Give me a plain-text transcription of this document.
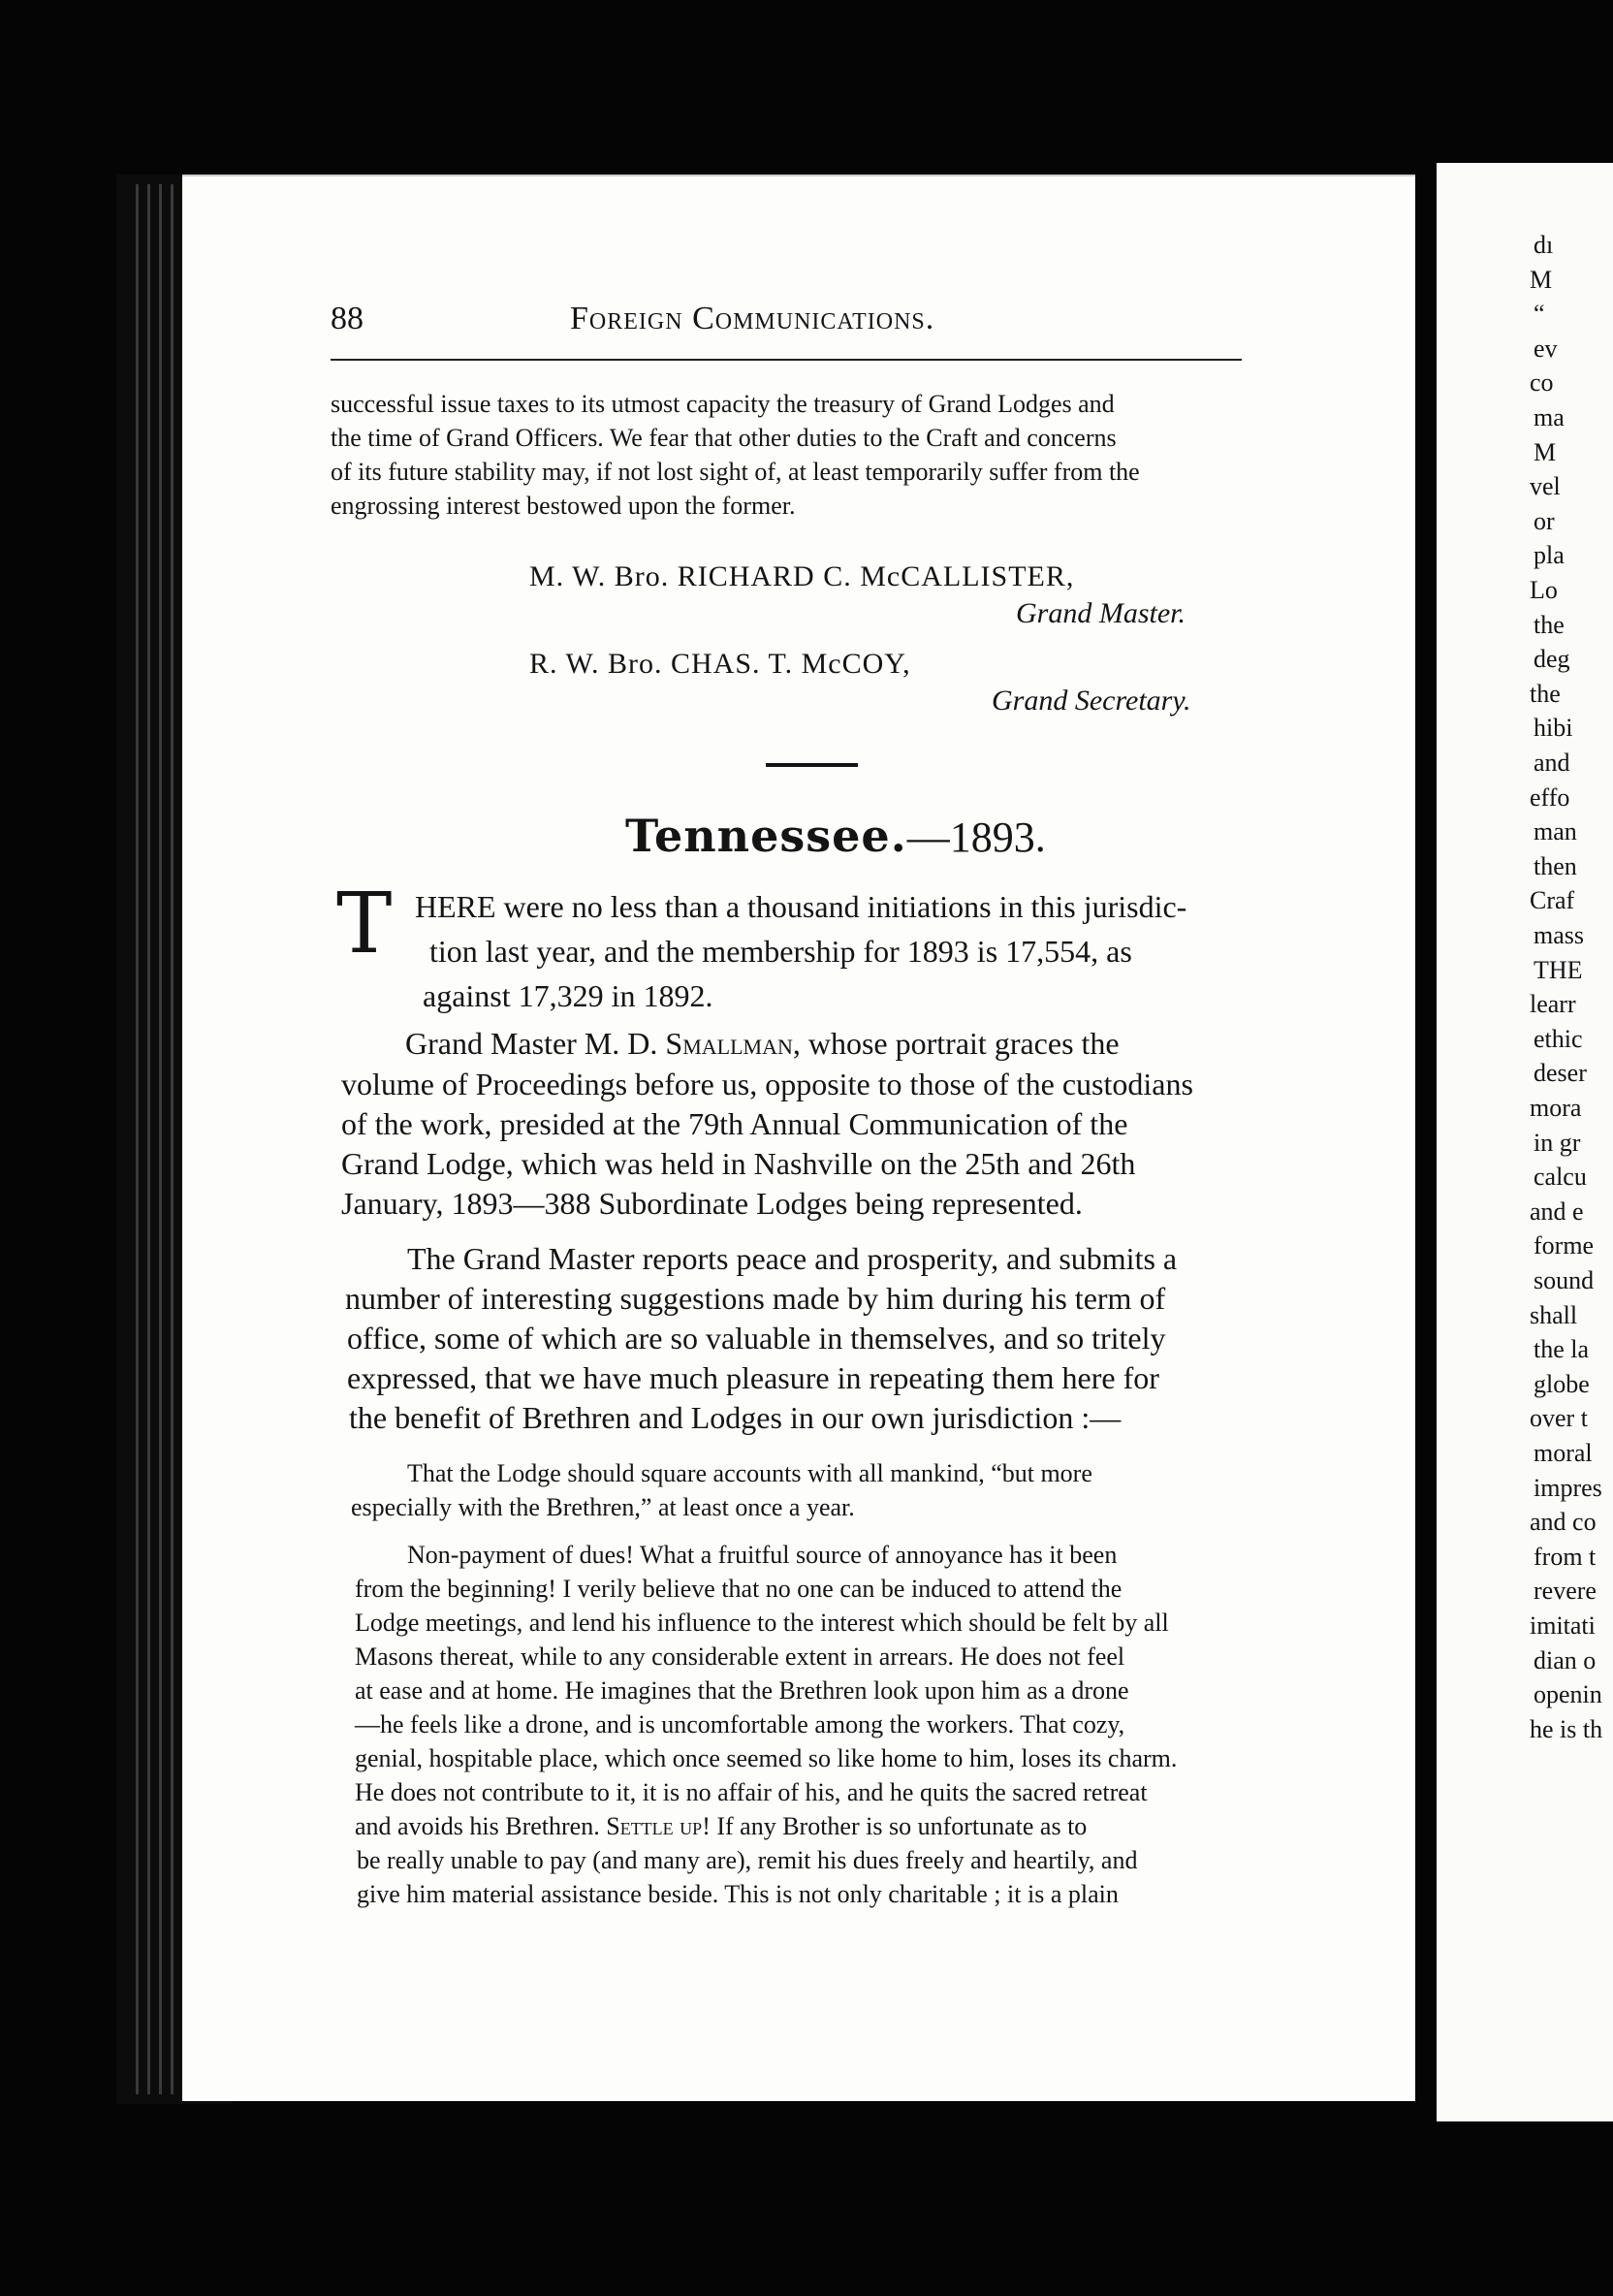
dı
M
“
ev
co
ma
M
vel
or
pla
Lo
the
deg
the
hibi
and
effo
man
then
Craf
mass
THE
learr
ethic
deser
mora
in gr
calcu
and e
forme
sound
shall
the la
globe
over t
moral
impres
and co
from t
revere
imitati
dian o
openin
he is th
88	Foreign Communications.
successful issue taxes to its utmost capacity the treasury of Grand Lodges and
the time of Grand Officers. We fear that other duties to the Craft and concerns
of its future stability may, if not lost sight of, at least temporarily suffer from the
engrossing interest bestowed upon the former.
M. W. Bro. RICHARD C. McCALLISTER,
Grand Master.
R. W. Bro. CHAS. T. McCOY,
Grand Secretary.
Tennessee.—1893.
T HERE were no less than a thousand initiations in this jurisdic-
tion last year, and the membership for 1893 is 17,554, as
against 17,329 in 1892.
Grand Master M. D. Smallman, whose portrait graces the
volume of Proceedings before us, opposite to those of the custodians
of the work, presided at the 79th Annual Communication of the
Grand Lodge, which was held in Nashville on the 25th and 26th
January, 1893—388 Subordinate Lodges being represented.
The Grand Master reports peace and prosperity, and submits a
number of interesting suggestions made by him during his term of
office, some of which are so valuable in themselves, and so tritely
expressed, that we have much pleasure in repeating them here for
the benefit of Brethren and Lodges in our own jurisdiction :—
That the Lodge should square accounts with all mankind, “but more
especially with the Brethren,” at least once a year.
Non-payment of dues! What a fruitful source of annoyance has it been
from the beginning! I verily believe that no one can be induced to attend the
Lodge meetings, and lend his influence to the interest which should be felt by all
Masons thereat, while to any considerable extent in arrears. He does not feel
at ease and at home. He imagines that the Brethren look upon him as a drone
—he feels like a drone, and is uncomfortable among the workers. That cozy,
genial, hospitable place, which once seemed so like home to him, loses its charm.
He does not contribute to it, it is no affair of his, and he quits the sacred retreat
and avoids his Brethren. Settle up! If any Brother is so unfortunate as to
be really unable to pay (and many are), remit his dues freely and heartily, and
give him material assistance beside. This is not only charitable ; it is a plain
